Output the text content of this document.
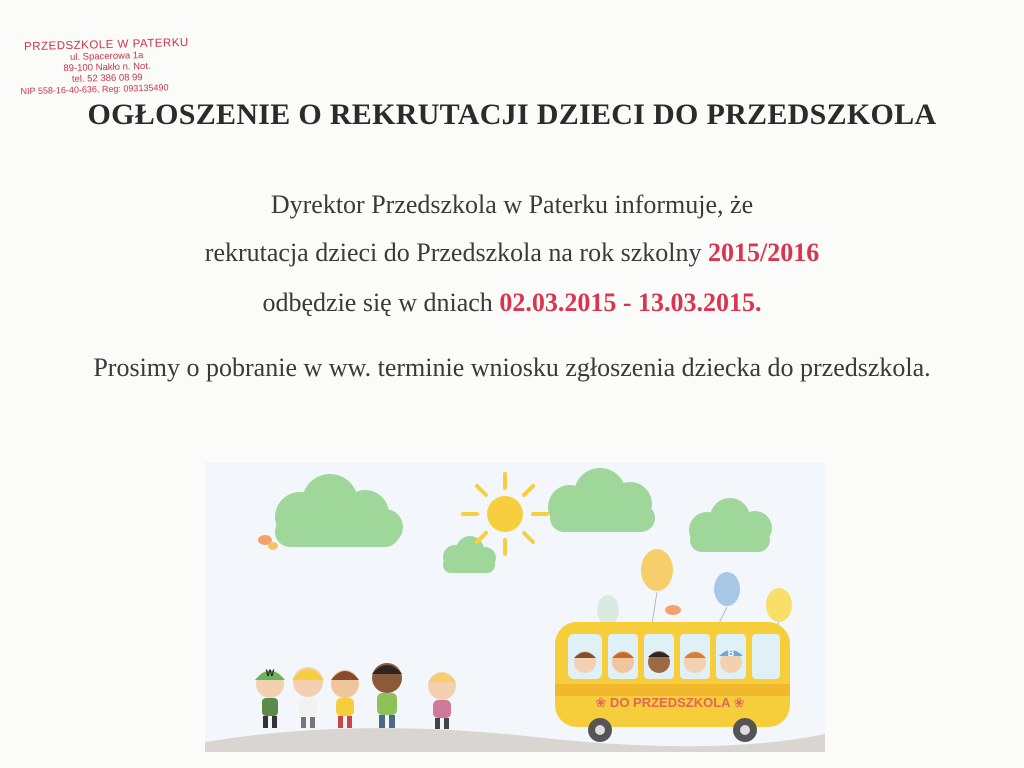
PRZEDSZKOLE W PATERKU
ul. Spacerowa 1a
89-100 Nakło n. Not.
tel. 52 386 08 99
NIP 558-16-40-636, Reg: 093135490
OGŁOSZENIE O REKRUTACJI DZIECI DO PRZEDSZKOLA
Dyrektor Przedszkola w Paterku informuje, że
rekrutacja dzieci do Przedszkola na rok szkolny 2015/2016
odbędzie się w dniach 02.03.2015 - 13.03.2015.
Prosimy o pobranie w ww. terminie wniosku zgłoszenia dziecka do przedszkola.
B
❀ DO PRZEDSZKOLA ❀
W
